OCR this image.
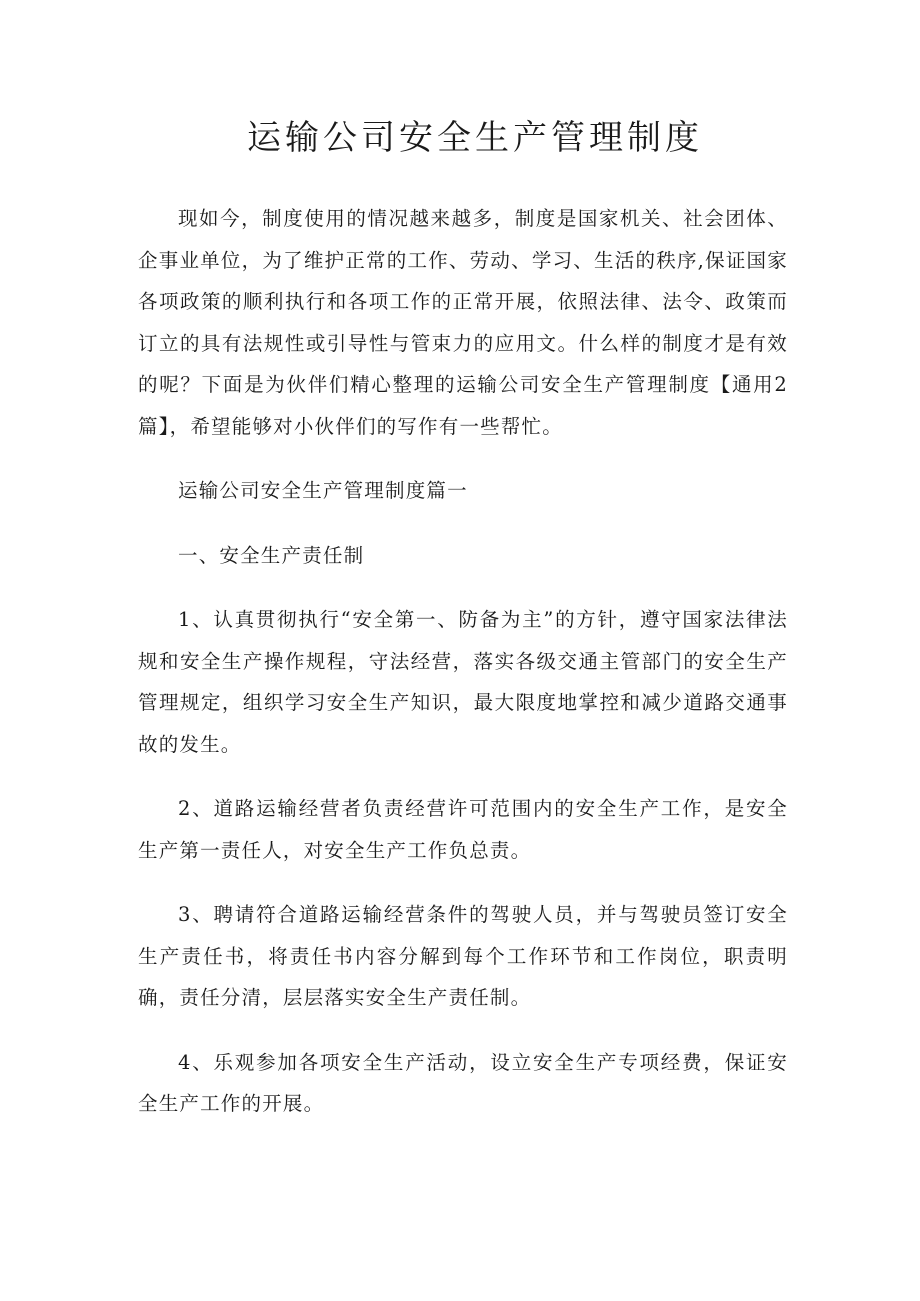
运输公司安全生产管理制度

现如今，制度使用的情况越来越多，制度是国家机关、社会团体、企事业单位，为了维护正常的工作、劳动、学习、生活的秩序,保证国家各项政策的顺利执行和各项工作的正常开展，依照法律、法令、政策而订立的具有法规性或引导性与管束力的应用文。什么样的制度才是有效的呢？下面是为伙伴们精心整理的运输公司安全生产管理制度【通用2篇】，希望能够对小伙伴们的写作有一些帮忙。

运输公司安全生产管理制度篇一

一、安全生产责任制

1、认真贯彻执行“安全第一、防备为主”的方针，遵守国家法律法规和安全生产操作规程，守法经营，落实各级交通主管部门的安全生产管理规定，组织学习安全生产知识，最大限度地掌控和减少道路交通事故的发生。

2、道路运输经营者负责经营许可范围内的安全生产工作，是安全生产第一责任人，对安全生产工作负总责。

3、聘请符合道路运输经营条件的驾驶人员，并与驾驶员签订安全生产责任书，将责任书内容分解到每个工作环节和工作岗位，职责明确，责任分清，层层落实安全生产责任制。

4、乐观参加各项安全生产活动，设立安全生产专项经费，保证安全生产工作的开展。
